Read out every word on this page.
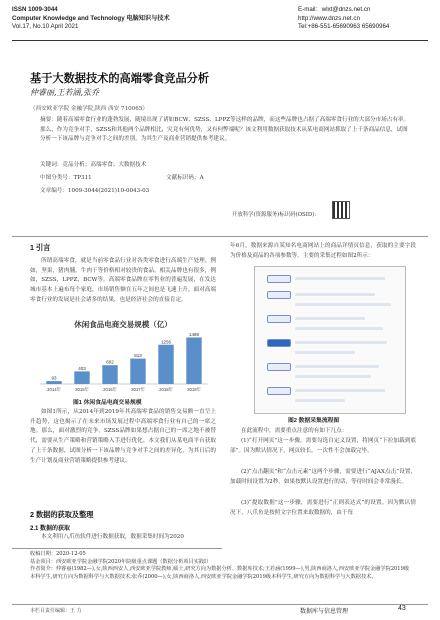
ISSN 1009-3044
Computer Knowledge and Technology 电脑知识与技术
Vol.17, No.10 April 2021
E-mail：wlxt@dnzs.net.cn
http://www.dnzs.net.cn
Tel:+86-551-65690963 65690964
基于大数据技术的高端零食竞品分析
仲睿丽,王若涵,张乔
（西安欧亚学院 金融学院,陕西 西安 710065）
摘要：随着高端零食行业的蓬勃发展，随境出现了诸如BCW、SZSS、LPPZ等这样的品牌，而这些品牌也占据了高端零食行业的大部分市场占有率。那么，作为竞争对手，SZSS和其他两个品牌相比，究竟有何优势，又有何弊端呢？该文利用数据获取技术从某电商网站抓取了上千条商品信息，试图分析一下该品牌与竞争对手之间的差别，为其生产及商业营销提供参考建议。
关键词：竞品分析；高端零食；大数据技术
中图分类号：TP311	文献标识码：A
文章编号：1009-3044(2021)10-0043-03
开放科学(资源服务)标识码(OSID)：
1 引言
所谓高端零食，就是当前零食品行业对各类零食进行高端生产处理。例如，坚果，猪肉脯，牛肉干等价格相对较贵的食品。相关品牌也有很多，例如，SZSS，LPPZ，BCW等。高端零食品牌在零售业的普遍发展，在发达城市基本上遍布每个家庭，市场销售额在五年之间也是飞速上升。面对高端零食行业的发展是社会诸多的结果，也是经济社会的直接肯定。
休闲食品电商交易规模（亿）
93
2014年
403
2015年
602
2016年
813
2017年
1256
2018年
1489
2019年
图1 休闲食品电商交易规模
如图1所示，从2014年到2019年其高端零食品的销售交易额一直呈上升趋势，这也揭示了在未来市场发展过程中高端零食行业有自己的一席之地。那么，面对激烈的竞争，SZSS品牌如果想占据自己的一席之地不被替代，需要从生产策略和营销策略入手进行优化。本文我们从某电商平台获取了上千条数据，试图分析一下该品牌与竞争对手之间的差异化，为其日后的生产计划及商业营销策略提供参考建议。
2 数据的获取及整理
2.1 数据的获取
本文利用八爪鱼软件进行数据获取，数据采集时间为2020
年6月，数据来源自某知名电商网站上的商品详情页信息，获取的主要字段为价格及商品的各项参数等。主要的采集过程如图2所示：
图2 数据采集流程图
在此流程中，需要重点注意的有如下几点：
(1)“打开网页”这一步骤，需要勾选自定义设置，将网页“下拉加载到底部”。因为默认情况下，网页较长，一次性不会加载完毕。
(2)“点击翻页”和“点击元素”这两个步骤，需要进行“AJAX点击”设置，加载时间设置为2秒。如果按默认设置进行的话，等待时间会非常漫长。
(3)“提取数据”这一步骤，需要进行“正则表达式”的设置。因为默认情况下，八爪鱼是按照文字位置来取数据的，由于每
收稿日期：2020-12-05
基金项目：西安欧亚学院金融学院2020年院级重点课题（数据分析项目实践Ⅰ）
作者简介：仲睿丽(1982—),女,陕西西安人,西安欧亚学院教师,硕士,研究方向为数据分析、数据库技术;王若涵(1999—),男,陕西商洛人,西安欧亚学院金融学院2019级本科学生,研究方向为数据科学与大数据技术;张乔(2000—),女,陕西商洛人,西安欧亚学院金融学院2019级本科学生,研究方向为数据科学与大数据技术。
本栏目责任编辑：王 力	数据库与信息管理	43
